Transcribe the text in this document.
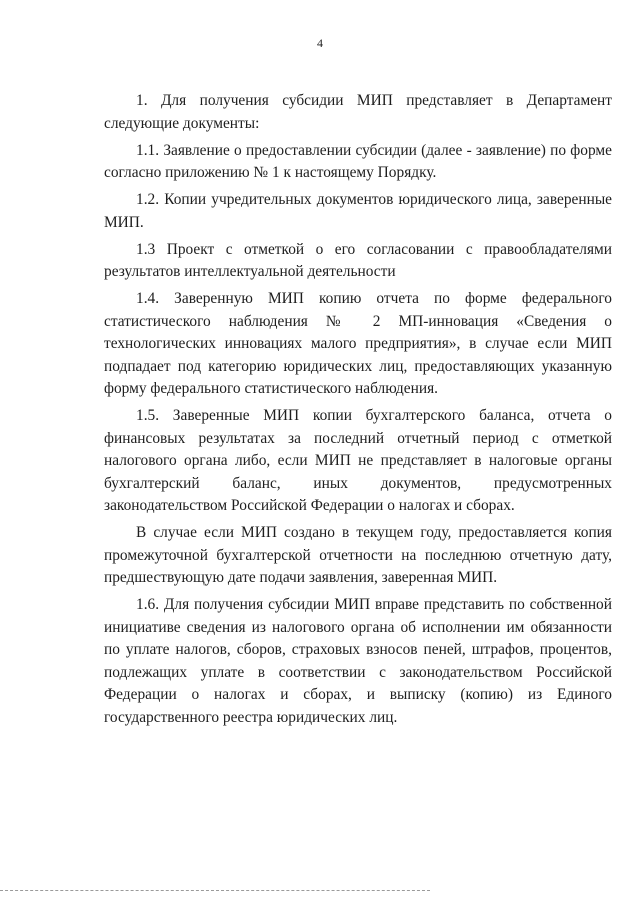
4

1. Для получения субсидии МИП представляет в Департамент следующие документы:

1.1. Заявление о предоставлении субсидии (далее - заявление) по форме согласно приложению № 1 к настоящему Порядку.

1.2. Копии учредительных документов юридического лица, заверенные МИП.

1.3 Проект с отметкой о его согласовании с правообладателями результатов интеллектуальной деятельности

1.4. Заверенную МИП копию отчета по форме федерального статистического наблюдения № 2 МП-инновация «Сведения о технологических инновациях малого предприятия», в случае если МИП подпадает под категорию юридических лиц, предоставляющих указанную форму федерального статистического наблюдения.

1.5. Заверенные МИП копии бухгалтерского баланса, отчета о финансовых результатах за последний отчетный период с отметкой налогового органа либо, если МИП не представляет в налоговые органы бухгалтерский баланс, иных документов, предусмотренных законодательством Российской Федерации о налогах и сборах.

В случае если МИП создано в текущем году, предоставляется копия промежуточной бухгалтерской отчетности на последнюю отчетную дату, предшествующую дате подачи заявления, заверенная МИП.

1.6. Для получения субсидии МИП вправе представить по собственной инициативе сведения из налогового органа об исполнении им обязанности по уплате налогов, сборов, страховых взносов пеней, штрафов, процентов, подлежащих уплате в соответствии с законодательством Российской Федерации о налогах и сборах, и выписку (копию) из Единого государственного реестра юридических лиц.
